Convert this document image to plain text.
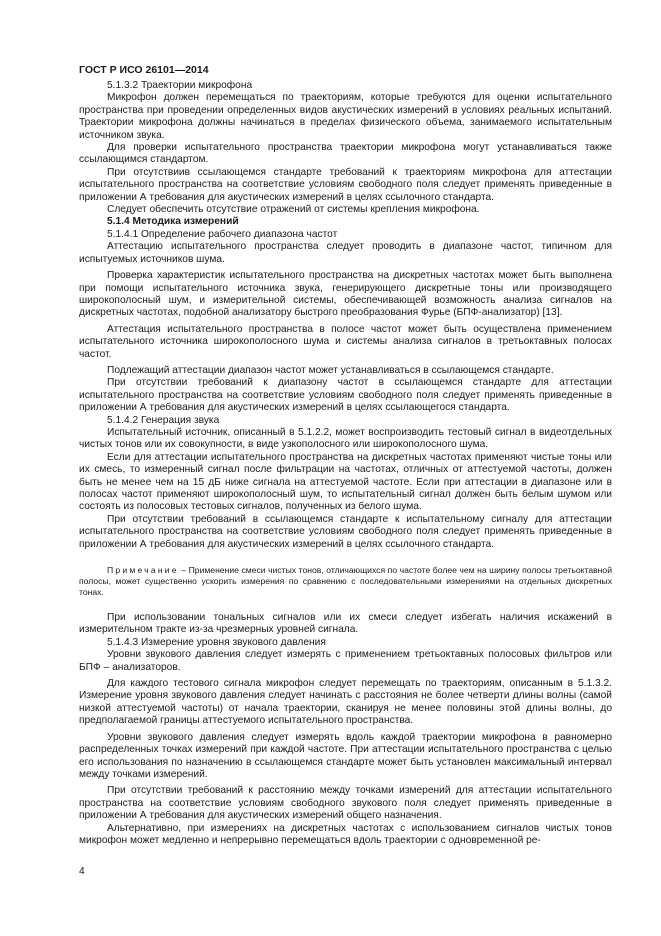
ГОСТ Р ИСО 26101—2014

5.1.3.2 Траектории микрофона

Микрофон должен перемещаться по траекториям, которые требуются для оценки испытательного пространства при проведении определенных видов акустических измерений в условиях реальных испытаний. Траектории микрофона должны начинаться в пределах физического объема, занимаемого испытательным источником звука.

Для проверки испытательного пространства траектории микрофона могут устанавливаться также ссылающимся стандартом.

При отсутствиив ссылающемся стандарте требований к траекториям микрофона для аттестации испытательного пространства на соответствие условиям свободного поля следует применять приведенные в приложении А требования для акустических измерений в целях ссылочного стандарта.

Следует обеспечить отсутствие отражений от системы крепления микрофона.

5.1.4 Методика измерений

5.1.4.1 Определение рабочего диапазона частот

Аттестацию испытательного пространства следует проводить в диапазоне частот, типичном для испытуемых источников шума.

Проверка характеристик испытательного пространства на дискретных частотах может быть выполнена при помощи испытательного источника звука, генерирующего дискретные тоны или производящего широкополосный шум, и измерительной системы, обеспечивающей возможность анализа сигналов на дискретных частотах, подобной анализатору быстрого преобразования Фурье (БПФ-анализатор) [13].

Аттестация испытательного пространства в полосе частот может быть осуществлена применением испытательного источника широкополосного шума и системы анализа сигналов в третьоктавных полосах частот.

Подлежащий аттестации диапазон частот может устанавливаться в ссылающемся стандарте.

При отсутствии требований к диапазону частот в ссылающемся стандарте для аттестации испытательного пространства на соответствие условиям свободного поля следует применять приведенные в приложении А требования для акустических измерений в целях ссылающегося стандарта.

5.1.4.2 Генерация звука

Испытательный источник, описанный в 5.1.2.2, может воспроизводить тестовый сигнал в видеотдельных чистых тонов или их совокупности, в виде узкополосного или широкополосного шума.

Если для аттестации испытательного пространства на дискретных частотах применяют чистые тоны или их смесь, то измеренный сигнал после фильтрации на частотах, отличных от аттестуемой частоты, должен быть не менее чем на 15 дБ ниже сигнала на аттестуемой частоте. Если при аттестации в диапазоне или в полосах частот применяют широкополосный шум, то испытательный сигнал должен быть белым шумом или состоять из полосовых тестовых сигналов, полученных из белого шума.

При отсутствии требований в ссылающемся стандарте к испытательному сигналу для аттестации испытательного пространства на соответствие условиям свободного поля следует применять приведенные в приложении А требования для акустических измерений в целях ссылочного стандарта.

Примечание – Применение смеси чистых тонов, отличающихся по частоте более чем на ширину полосы третьоктавной полосы, может существенно ускорить измерения по сравнению с последовательными измерениями на отдельных дискретных тонах.

При использовании тональных сигналов или их смеси следует избегать наличия искажений в измерительном тракте из-за чрезмерных уровней сигнала.

5.1.4.3 Измерение уровня звукового давления

Уровни звукового давления следует измерять с применением третьоктавных полосовых фильтров или БПФ – анализаторов.

Для каждого тестового сигнала микрофон следует перемещать по траекториям, описанным в 5.1.3.2. Измерение уровня звукового давления следует начинать с расстояния не более четверти длины волны (самой низкой аттестуемой частоты) от начала траектории, сканируя не менее половины этой длины волны, до предполагаемой границы аттестуемого испытательного пространства.

Уровни звукового давления следует измерять вдоль каждой траектории микрофона в равномерно распределенных точках измерений при каждой частоте. При аттестации испытательного пространства с целью его использования по назначению в ссылающемся стандарте может быть установлен максимальный интервал между точками измерений.

При отсутствии требований к расстоянию между точками измерений для аттестации испытательного пространства на соответствие условиям свободного звукового поля следует применять приведенные в приложении А требования для акустических измерений общего назначения.

Альтернативно, при измерениях на дискретных частотах с использованием сигналов чистых тонов микрофон может медленно и непрерывно перемещаться вдоль траектории с одновременной ре-

4
